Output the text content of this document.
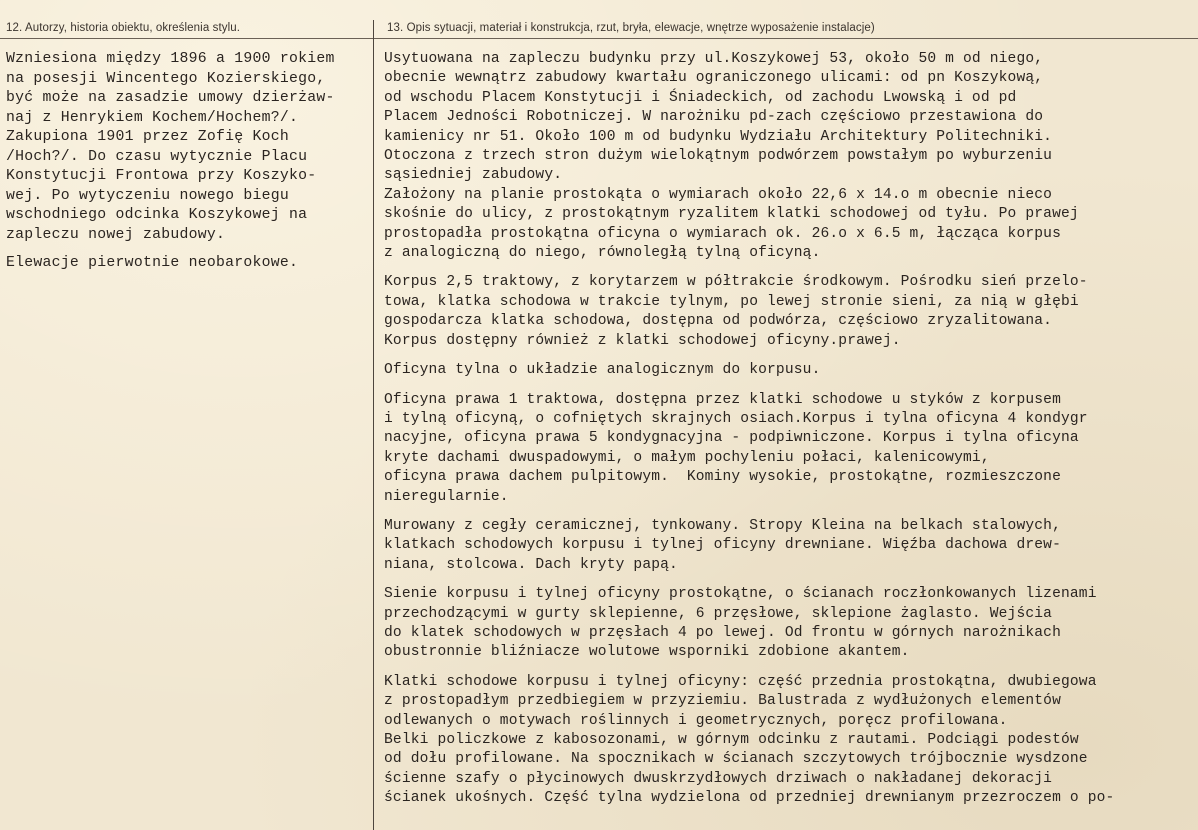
12. Autorzy, historia obiektu, określenia stylu.	13. Opis sytuacji, materiał i konstrukcja, rzut, bryła, elewacje, wnętrze wyposażenie instalacje)

Wzniesiona między 1896 a 1900 rokiem

na posesji Wincentego Kozierskiego,

być może na zasadzie umowy dzierżaw-

naj z Henrykiem Kochem/Hochem?/.

Zakupiona 1901 przez Zofię Koch

/Hoch?/. Do czasu wytycznie Placu

Konstytucji Frontowa przy Koszyko-

wej. Po wytyczeniu nowego biegu

wschodniego odcinka Koszykowej na

zapleczu nowej zabudowy.

Elewacje pierwotnie neobarokowe.

Usytuowana na zapleczu budynku przy ul.Koszykowej 53, około 50 m od niego,
obecnie wewnątrz zabudowy kwartału ograniczonego ulicami: od pn Koszykową,
od wschodu Placem Konstytucji i Śniadeckich, od zachodu Lwowską i od pd
Placem Jedności Robotniczej. W narożniku pd-zach częściowo przestawiona do
kamienicy nr 51. Około 100 m od budynku Wydziału Architektury Politechniki.
Otoczona z trzech stron dużym wielokątnym podwórzem powstałym po wyburzeniu
sąsiedniej zabudowy.
Założony na planie prostokąta o wymiarach około 22,6 x 14.o m obecnie nieco
skośnie do ulicy, z prostokątnym ryzalitem klatki schodowej od tyłu. Po prawej
prostopadła prostokątna oficyna o wymiarach ok. 26.o x 6.5 m, łącząca korpus
z analogiczną do niego, równoległą tylną oficyną.

Korpus 2,5 traktowy, z korytarzem w półtrakcie środkowym. Pośrodku sień przelo-
towa, klatka schodowa w trakcie tylnym, po lewej stronie sieni, za nią w głębi
gospodarcza klatka schodowa, dostępna od podwórza, częściowo zryzalitowana.
Korpus dostępny również z klatki schodowej oficyny.prawej.

Oficyna tylna o układzie analogicznym do korpusu.

Oficyna prawa 1 traktowa, dostępna przez klatki schodowe u styków z korpusem
i tylną oficyną, o cofniętych skrajnych osiach.Korpus i tylna oficyna 4 kondygr
nacyjne, oficyna prawa 5 kondygnacyjna - podpiwniczone. Korpus i tylna oficyna
kryte dachami dwuspadowymi, o małym pochyleniu połaci, kalenicowymi,
oficyna prawa dachem pulpitowym.  Kominy wysokie, prostokątne, rozmieszczone
nieregularnie.

Murowany z cegły ceramicznej, tynkowany. Stropy Kleina na belkach stalowych,
klatkach schodowych korpusu i tylnej oficyny drewniane. Więźba dachowa drew-
niana, stolcowa. Dach kryty papą.

Sienie korpusu i tylnej oficyny prostokątne, o ścianach roczłonkowanych lizenami
przechodzącymi w gurty sklepienne, 6 przęsłowe, sklepione żaglasto. Wejścia
do klatek schodowych w przęsłach 4 po lewej. Od frontu w górnych narożnikach
obustronnie bliźniacze wolutowe wsporniki zdobione akantem.

Klatki schodowe korpusu i tylnej oficyny: część przednia prostokątna, dwubiegowa
z prostopadłym przedbiegiem w przyziemiu. Balustrada z wydłużonych elementów
odlewanych o motywach roślinnych i geometrycznych, poręcz profilowana.
Belki policzkowe z kabosozonami, w górnym odcinku z rautami. Podciągi podestów
od dołu profilowane. Na spocznikach w ścianach szczytowych trójbocznie wysdzone
ścienne szafy o płycinowych dwuskrzydłowych drziwach o nakładanej dekoracji
ścianek ukośnych. Część tylna wydzielona od przedniej drewnianym przezroczem o po-
